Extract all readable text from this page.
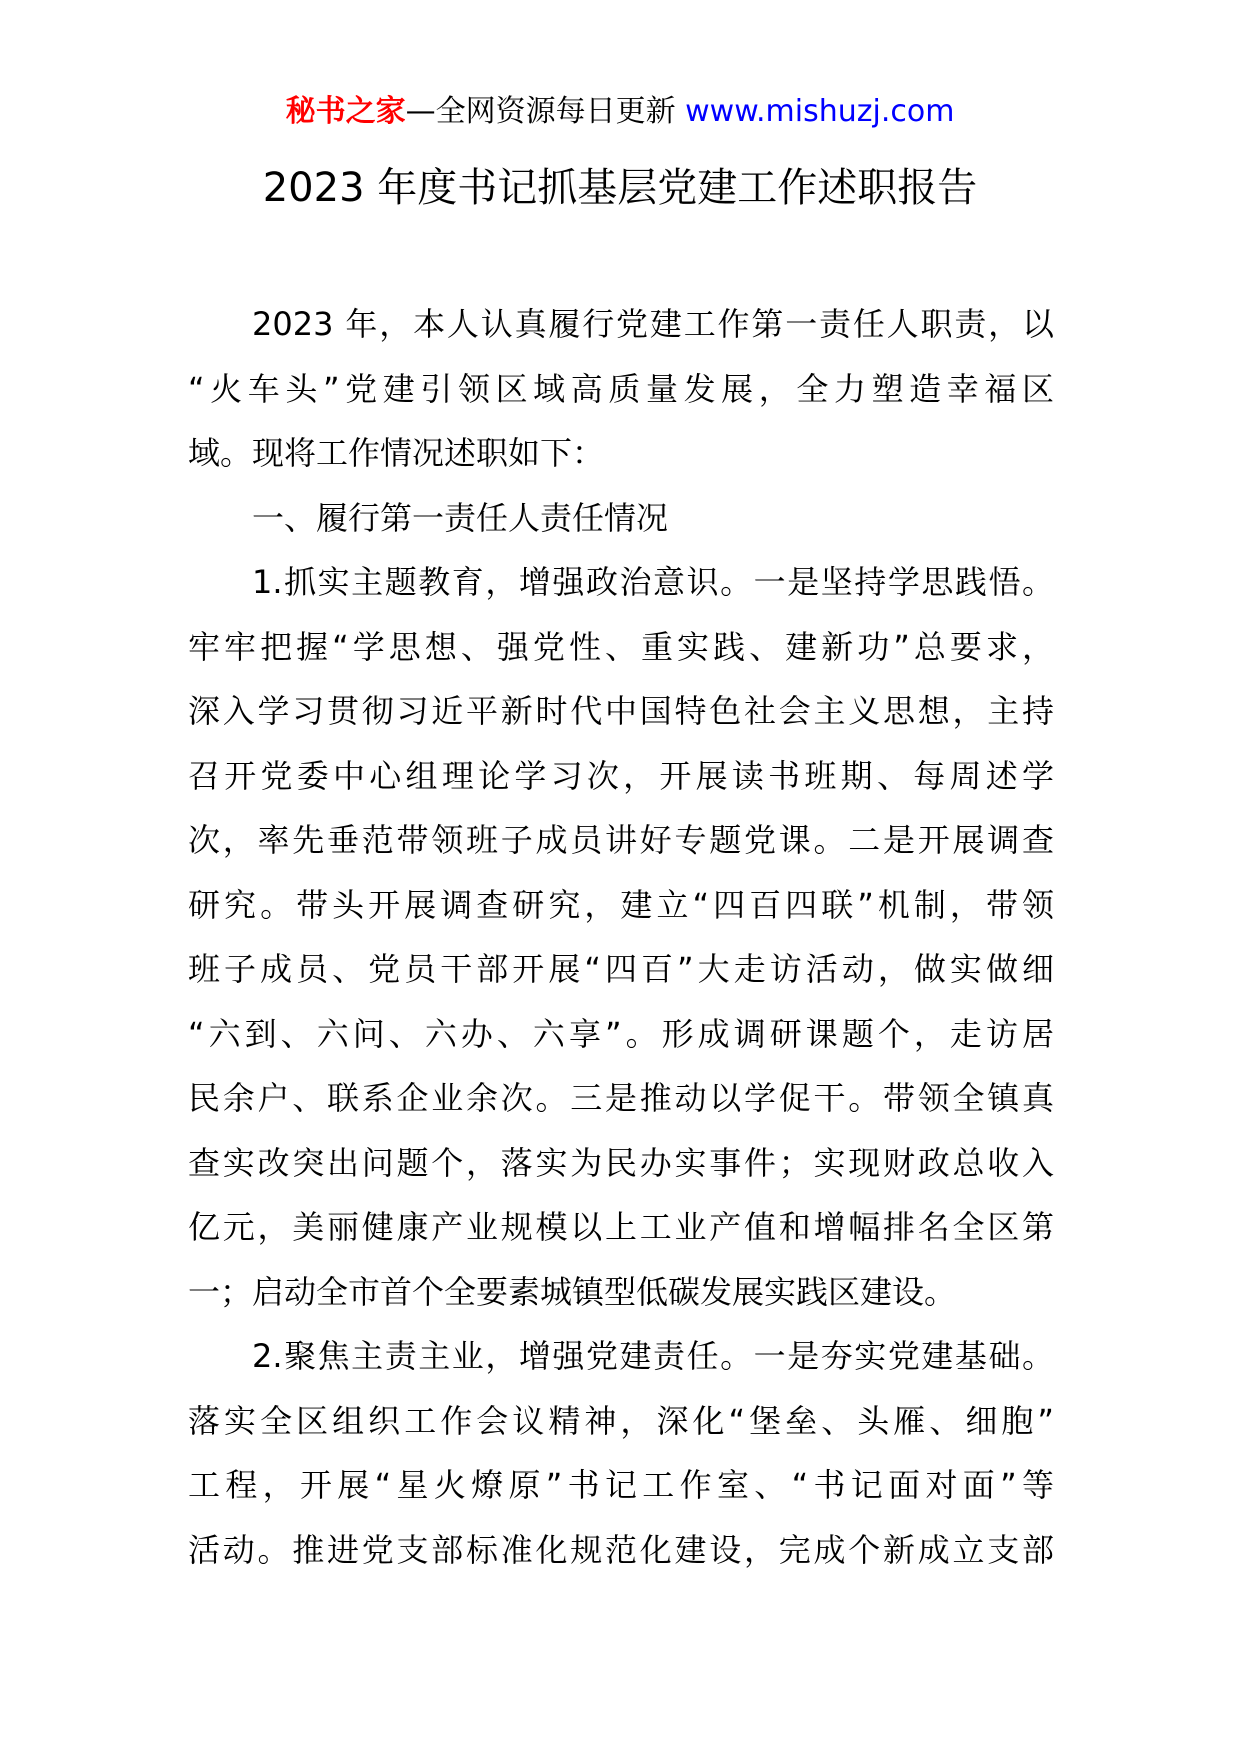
秘书之家—全网资源每日更新 www.mishuzj.com
2023 年度书记抓基层党建工作述职报告
2023 年，本人认真履行党建工作第一责任人职责，以
“火车头”党建引领区域高质量发展，全力塑造幸福区
域。现将工作情况述职如下：
一、履行第一责任人责任情况
1.抓实主题教育，增强政治意识。一是坚持学思践悟。
牢牢把握“学思想、强党性、重实践、建新功”总要求，
深入学习贯彻习近平新时代中国特色社会主义思想，主持
召开党委中心组理论学习次，开展读书班期、每周述学
次，率先垂范带领班子成员讲好专题党课。二是开展调查
研究。带头开展调查研究，建立“四百四联”机制，带领
班子成员、党员干部开展“四百”大走访活动，做实做细
“六到、六问、六办、六享”。形成调研课题个，走访居
民余户、联系企业余次。三是推动以学促干。带领全镇真
查实改突出问题个，落实为民办实事件；实现财政总收入
亿元，美丽健康产业规模以上工业产值和增幅排名全区第
一；启动全市首个全要素城镇型低碳发展实践区建设。
2.聚焦主责主业，增强党建责任。一是夯实党建基础。
落实全区组织工作会议精神，深化“堡垒、头雁、细胞”
工程，开展“星火燎原”书记工作室、“书记面对面”等
活动。推进党支部标准化规范化建设，完成个新成立支部
